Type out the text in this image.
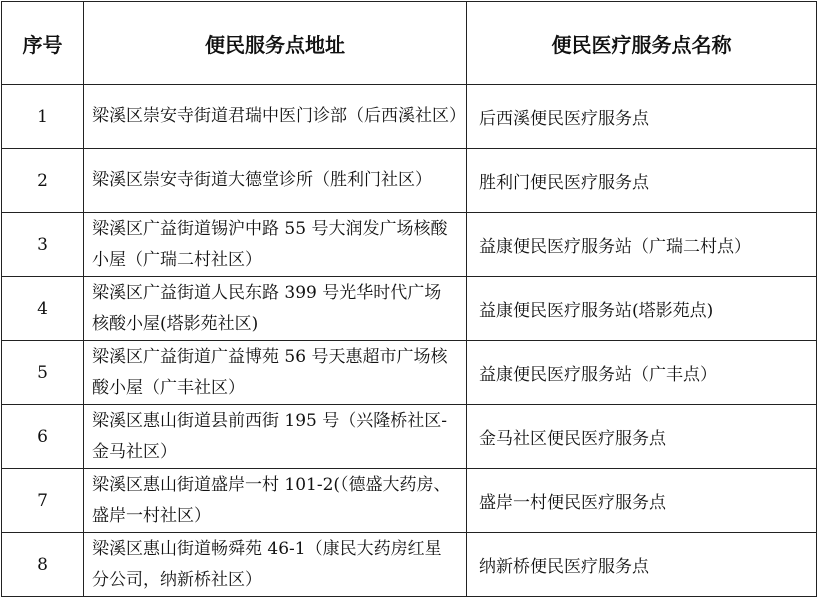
序号	便民服务点地址	便民医疗服务点名称
1	梁溪区崇安寺街道君瑞中医门诊部（后西溪社区）	后西溪便民医疗服务点
2	梁溪区崇安寺街道大德堂诊所（胜利门社区）	胜利门便民医疗服务点
3	梁溪区广益街道锡沪中路 55 号大润发广场核酸小屋（广瑞二村社区）	益康便民医疗服务站（广瑞二村点）
4	梁溪区广益街道人民东路 399 号光华时代广场核酸小屋(塔影苑社区)	益康便民医疗服务站(塔影苑点)
5	梁溪区广益街道广益博苑 56 号天惠超市广场核酸小屋（广丰社区）	益康便民医疗服务站（广丰点）
6	梁溪区惠山街道县前西街 195 号（兴隆桥社区-金马社区）	金马社区便民医疗服务点
7	梁溪区惠山街道盛岸一村 101-2(（德盛大药房、盛岸一村社区）	盛岸一村便民医疗服务点
8	梁溪区惠山街道畅舜苑 46-1（康民大药房红星分公司，纳新桥社区）	纳新桥便民医疗服务点
